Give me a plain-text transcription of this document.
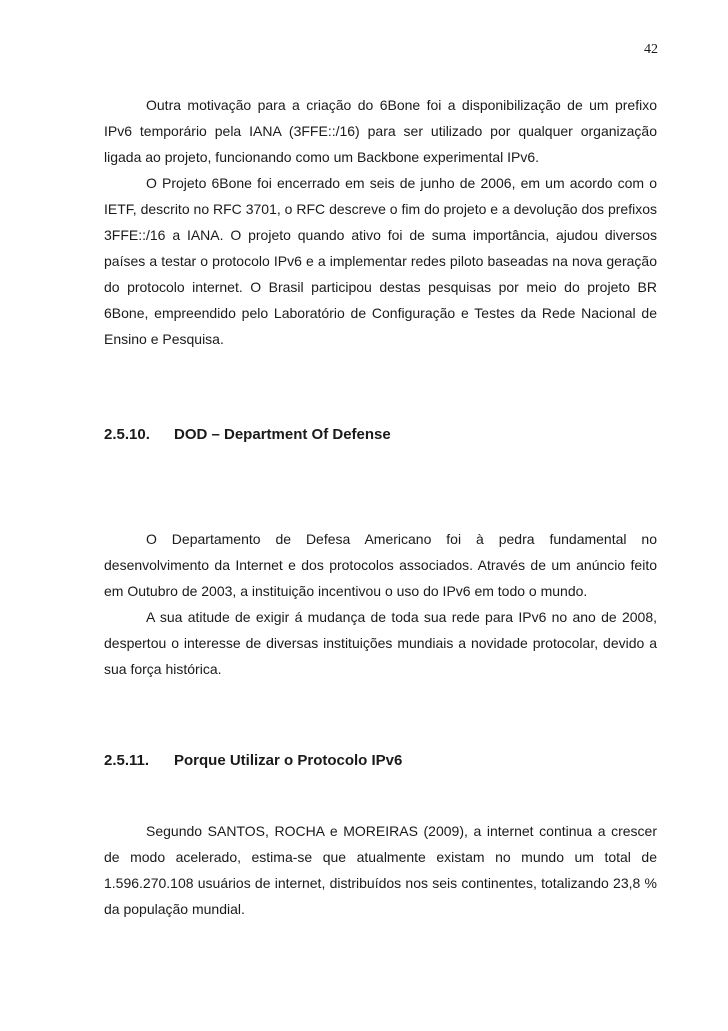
42

Outra motivação para a criação do 6Bone foi a disponibilização de um prefixo IPv6 temporário pela IANA (3FFE::/16) para ser utilizado por qualquer organização ligada ao projeto, funcionando como um Backbone experimental IPv6.

O Projeto 6Bone foi encerrado em seis de junho de 2006, em um acordo com o IETF, descrito no RFC 3701, o RFC descreve o fim do projeto e a devolução dos prefixos 3FFE::/16 a IANA. O projeto quando ativo foi de suma importância, ajudou diversos países a testar o protocolo IPv6 e a implementar redes piloto baseadas na nova geração do protocolo internet. O Brasil participou destas pesquisas por meio do projeto BR 6Bone, empreendido pelo Laboratório de Configuração e Testes da Rede Nacional de Ensino e Pesquisa.

2.5.10.	DOD – Department Of Defense

O Departamento de Defesa Americano foi à pedra fundamental no desenvolvimento da Internet e dos protocolos associados. Através de um anúncio feito em Outubro de 2003, a instituição incentivou o uso do IPv6 em todo o mundo.

A sua atitude de exigir á mudança de toda sua rede para IPv6 no ano de 2008, despertou o interesse de diversas instituições mundiais a novidade protocolar, devido a sua força histórica.

2.5.11.	Porque Utilizar o Protocolo IPv6

Segundo SANTOS, ROCHA e MOREIRAS (2009), a internet continua a crescer de modo acelerado, estima-se que atualmente existam no mundo um total de 1.596.270.108 usuários de internet, distribuídos nos seis continentes, totalizando 23,8 % da população mundial.
